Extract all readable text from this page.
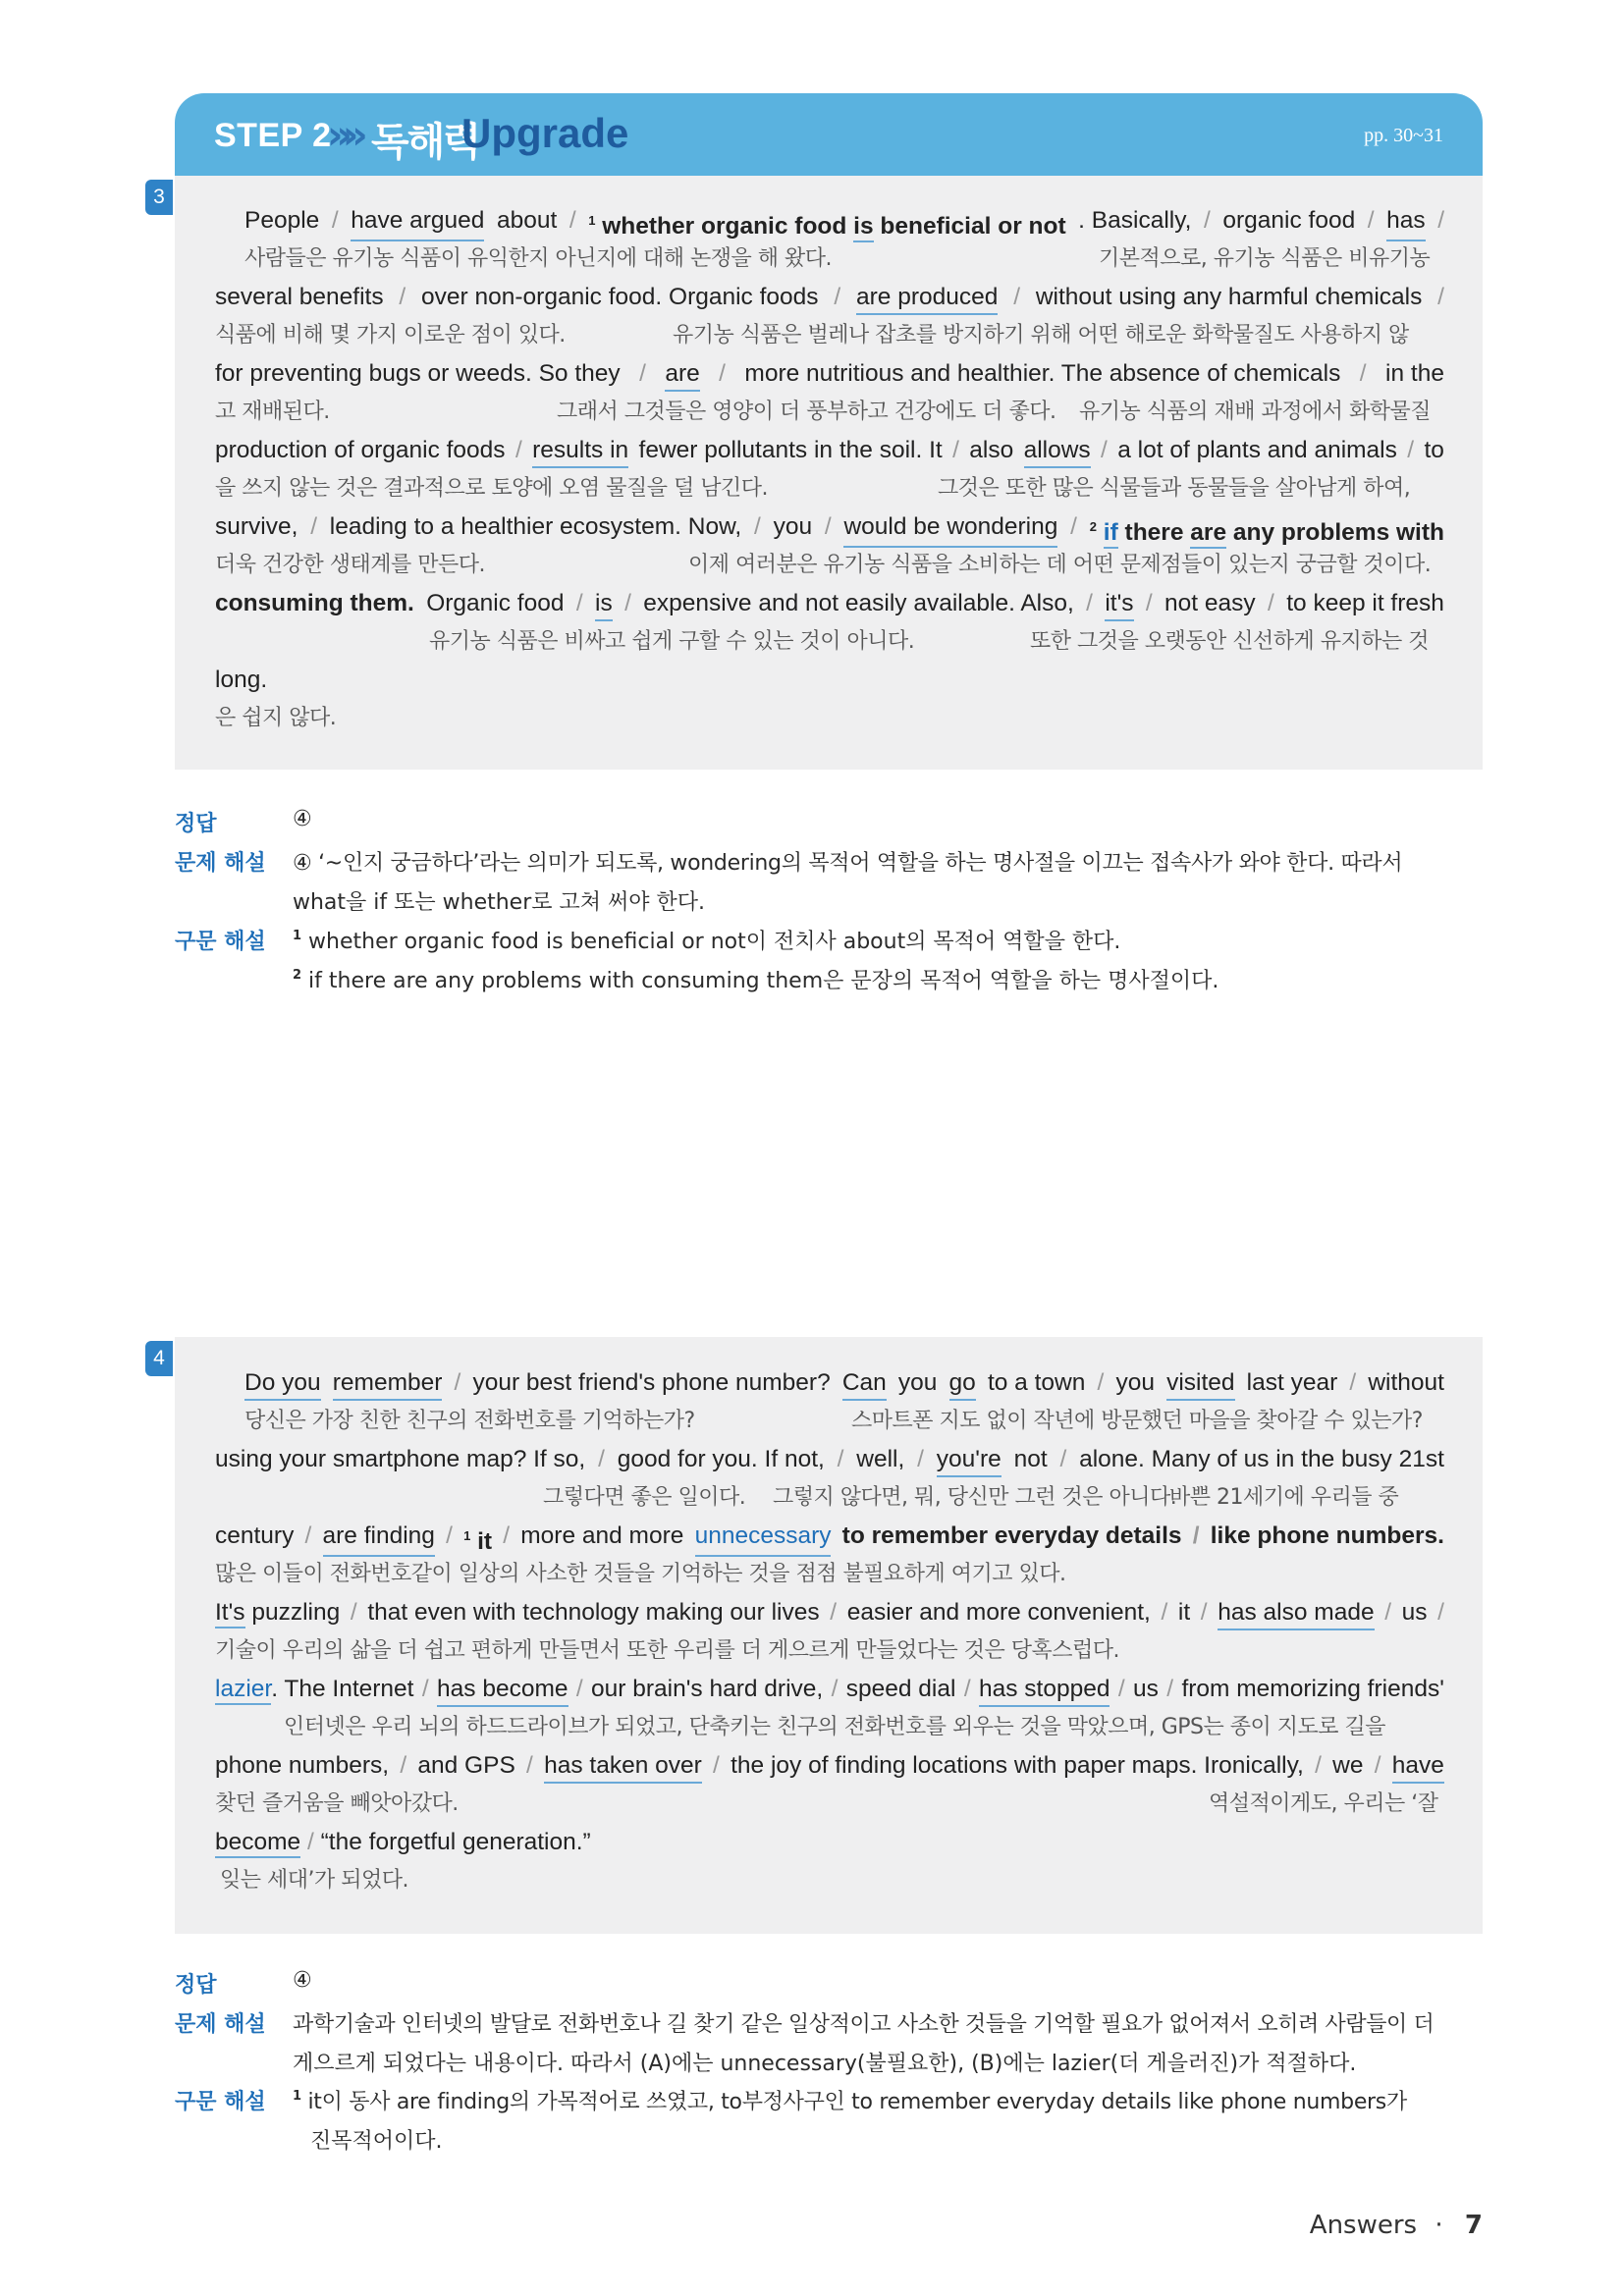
STEP 2
»» 독해력
Upgrade	pp. 30~31
3
People / have argued about / $^1$ whether organic food is beneficial or not . Basically, / organic food / has /
사람들은 유기농 식품이 유익한지 아닌지에 대해 논쟁을 해 왔다.	기본적으로, 유기농 식품은 비유기농
several benefits / over non-organic food. Organic foods / are produced / without using any harmful chemicals /
식품에 비해 몇 가지 이로운 점이 있다.	유기농 식품은 벌레나 잡초를 방지하기 위해 어떤 해로운 화학물질도 사용하지 않
for preventing bugs or weeds. So they / are / more nutritious and healthier. The absence of chemicals / in the
고 재배된다.	그래서 그것들은 영양이 더 풍부하고 건강에도 더 좋다. 유기농 식품의 재배 과정에서 화학물질
production of organic foods / results in fewer pollutants in the soil. It / also allows / a lot of plants and animals / to
을 쓰지 않는 것은 결과적으로 토양에 오염 물질을 덜 남긴다.	그것은 또한 많은 식물들과 동물들을 살아남게 하여,
survive, / leading to a healthier ecosystem. Now, / you / would be wondering / $^2$ if there are any problems with
더욱 건강한 생태계를 만든다.	이제 여러분은 유기농 식품을 소비하는 데 어떤 문제점들이 있는지 궁금할 것이다.
consuming them. Organic food / is / expensive and not easily available. Also, / it's / not easy / to keep it fresh
유기농 식품은 비싸고 쉽게 구할 수 있는 것이 아니다.	또한 그것을 오랫동안 신선하게 유지하는 것
long.
은 쉽지 않다.
정답	④
문제 해설 ④ ‘~인지 궁금하다’라는 의미가 되도록, wondering의 목적어 역할을 하는 명사절을 이끄는 접속사가 와야 한다. 따라서
what을 if 또는 whether로 고쳐 써야 한다.
구문 해설 $^1$ whether organic food is beneficial or not이 전치사 about의 목적어 역할을 한다.
$^2$ if there are any problems with consuming them은 문장의 목적어 역할을 하는 명사절이다.
4
Do you remember / your best friend's phone number? Can you go to a town / you visited last year / without
당신은 가장 친한 친구의 전화번호를 기억하는가?	스마트폰 지도 없이 작년에 방문했던 마을을 찾아갈 수 있는가?
using your smartphone map? If so, / good for you. If not, / well, / you're not / alone. Many of us in the busy 21st
그렇다면 좋은 일이다. 그렇지 않다면, 뭐, 당신만 그런 것은 아니다.
바쁜 21세기에 우리들 중
century / are finding / $^1$ it / more and more unnecessary to remember everyday details / like phone numbers.
많은 이들이 전화번호같이 일상의 사소한 것들을 기억하는 것을 점점 불필요하게 여기고 있다.
It's puzzling / that even with technology making our lives / easier and more convenient, / it / has also made / us /
기술이 우리의 삶을 더 쉽고 편하게 만들면서 또한 우리를 더 게으르게 만들었다는 것은 당혹스럽다.
lazier. The Internet / has become / our brain's hard drive, / speed dial / has stopped / us / from memorizing friends'
인터넷은 우리 뇌의 하드드라이브가 되었고, 단축키는 친구의 전화번호를 외우는 것을 막았으며, GPS는 종이 지도로 길을
phone numbers, / and GPS / has taken over / the joy of finding locations with paper maps. Ironically, / we / have
찾던 즐거움을 빼앗아갔다.	역설적이게도, 우리는 ‘잘
become / “the forgetful generation.”
잊는 세대’가 되었다.
정답	④
문제 해설 과학기술과 인터넷의 발달로 전화번호나 길 찾기 같은 일상적이고 사소한 것들을 기억할 필요가 없어져서 오히려 사람들이 더
게으르게 되었다는 내용이다. 따라서 (A)에는 unnecessary(불필요한), (B)에는 lazier(더 게을러진)가 적절하다.
구문 해설 $^1$ it이 동사 are finding의 가목적어로 쓰였고, to부정사구인 to remember everyday details like phone numbers가
진목적어이다.
Answers · 7
